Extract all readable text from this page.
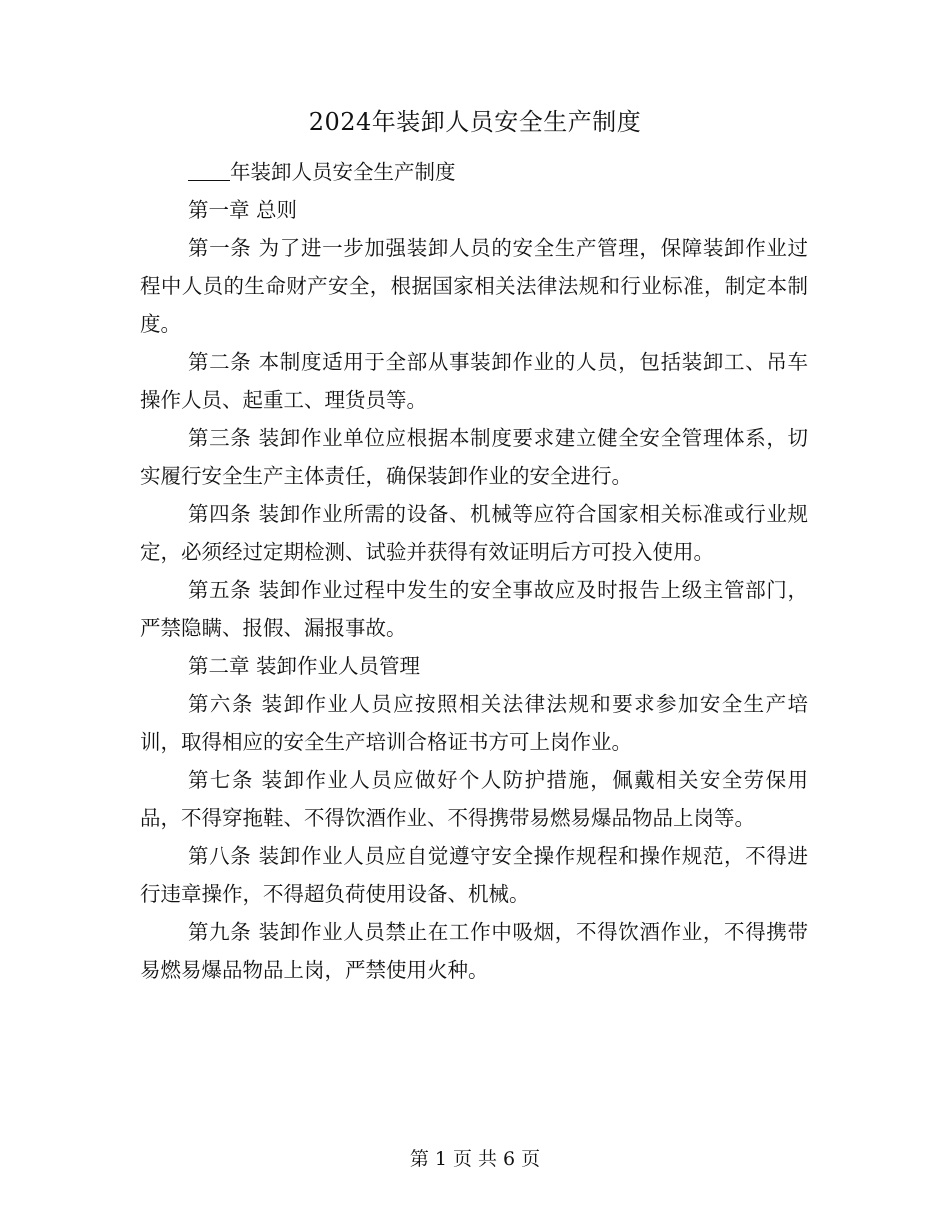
2024年装卸人员安全生产制度

年装卸人员安全生产制度

第一章 总则

第一条 为了进一步加强装卸人员的安全生产管理，保障装卸作业过程中人员的生命财产安全，根据国家相关法律法规和行业标准，制定本制度。

第二条 本制度适用于全部从事装卸作业的人员，包括装卸工、吊车操作人员、起重工、理货员等。

第三条 装卸作业单位应根据本制度要求建立健全安全管理体系，切实履行安全生产主体责任，确保装卸作业的安全进行。

第四条 装卸作业所需的设备、机械等应符合国家相关标准或行业规定，必须经过定期检测、试验并获得有效证明后方可投入使用。

第五条 装卸作业过程中发生的安全事故应及时报告上级主管部门，严禁隐瞒、报假、漏报事故。

第二章 装卸作业人员管理

第六条 装卸作业人员应按照相关法律法规和要求参加安全生产培训，取得相应的安全生产培训合格证书方可上岗作业。

第七条 装卸作业人员应做好个人防护措施，佩戴相关安全劳保用品，不得穿拖鞋、不得饮酒作业、不得携带易燃易爆品物品上岗等。

第八条 装卸作业人员应自觉遵守安全操作规程和操作规范，不得进行违章操作，不得超负荷使用设备、机械。

第九条 装卸作业人员禁止在工作中吸烟，不得饮酒作业，不得携带易燃易爆品物品上岗，严禁使用火种。

第 1 页 共 6 页
